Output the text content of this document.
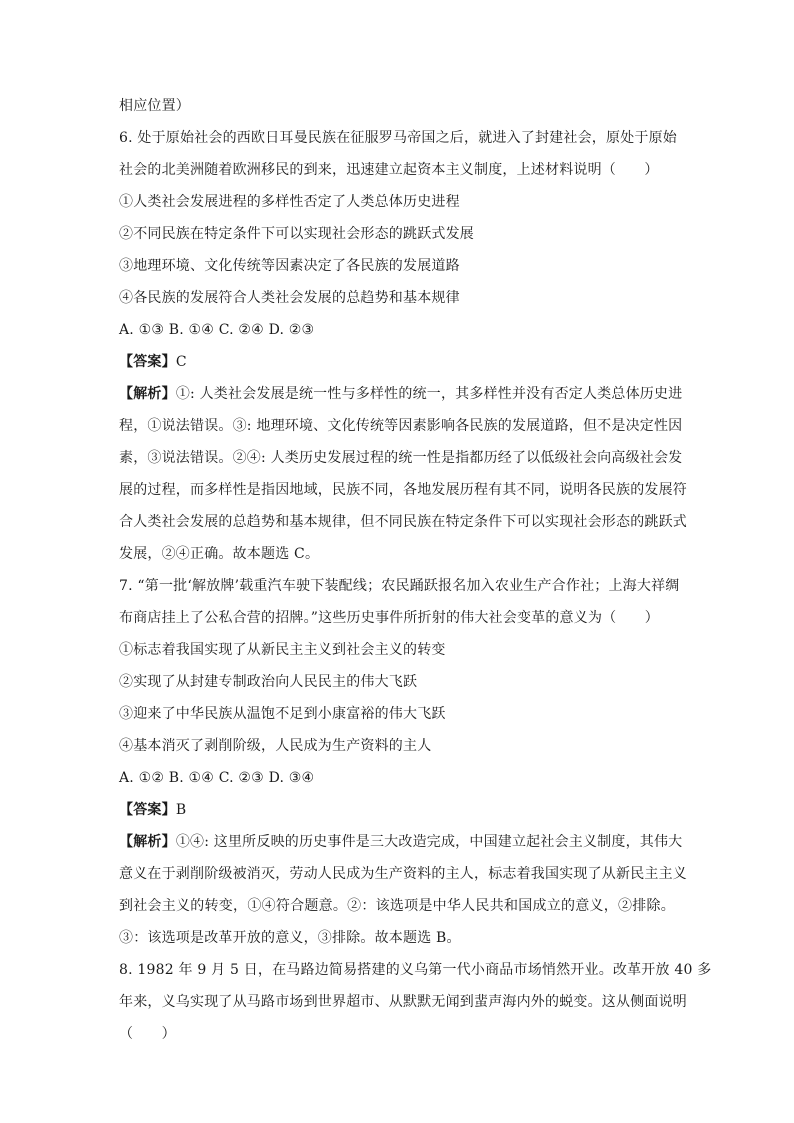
相应位置）
6. 处于原始社会的西欧日耳曼民族在征服罗马帝国之后，就进入了封建社会，原处于原始
社会的北美洲随着欧洲移民的到来，迅速建立起资本主义制度，上述材料说明（　　）
①人类社会发展进程的多样性否定了人类总体历史进程
②不同民族在特定条件下可以实现社会形态的跳跃式发展
③地理环境、文化传统等因素决定了各民族的发展道路
④各民族的发展符合人类社会发展的总趋势和基本规律
A. ①③ B. ①④ C. ②④ D. ②③
【答案】C
【解析】①: 人类社会发展是统一性与多样性的统一，其多样性并没有否定人类总体历史进
程，①说法错误。③: 地理环境、文化传统等因素影响各民族的发展道路，但不是决定性因
素，③说法错误。②④: 人类历史发展过程的统一性是指都历经了以低级社会向高级社会发
展的过程，而多样性是指因地域，民族不同，各地发展历程有其不同，说明各民族的发展符
合人类社会发展的总趋势和基本规律，但不同民族在特定条件下可以实现社会形态的跳跃式
发展，②④正确。故本题选 C。
7. “第一批‘解放牌’载重汽车驶下装配线；农民踊跃报名加入农业生产合作社；上海大祥绸
布商店挂上了公私合营的招牌。”这些历史事件所折射的伟大社会变革的意义为（　　）
①标志着我国实现了从新民主主义到社会主义的转变
②实现了从封建专制政治向人民民主的伟大飞跃
③迎来了中华民族从温饱不足到小康富裕的伟大飞跃
④基本消灭了剥削阶级，人民成为生产资料的主人
A. ①② B. ①④ C. ②③ D. ③④
【答案】B
【解析】①④: 这里所反映的历史事件是三大改造完成，中国建立起社会主义制度，其伟大
意义在于剥削阶级被消灭，劳动人民成为生产资料的主人，标志着我国实现了从新民主主义
到社会主义的转变，①④符合题意。②：该选项是中华人民共和国成立的意义，②排除。
③：该选项是改革开放的意义，③排除。故本题选 B。
8. 1982 年 9 月 5 日，在马路边简易搭建的义乌第一代小商品市场悄然开业。改革开放 40 多
年来，义乌实现了从马路市场到世界超市、从默默无闻到蜚声海内外的蜕变。这从侧面说明
（　　）
